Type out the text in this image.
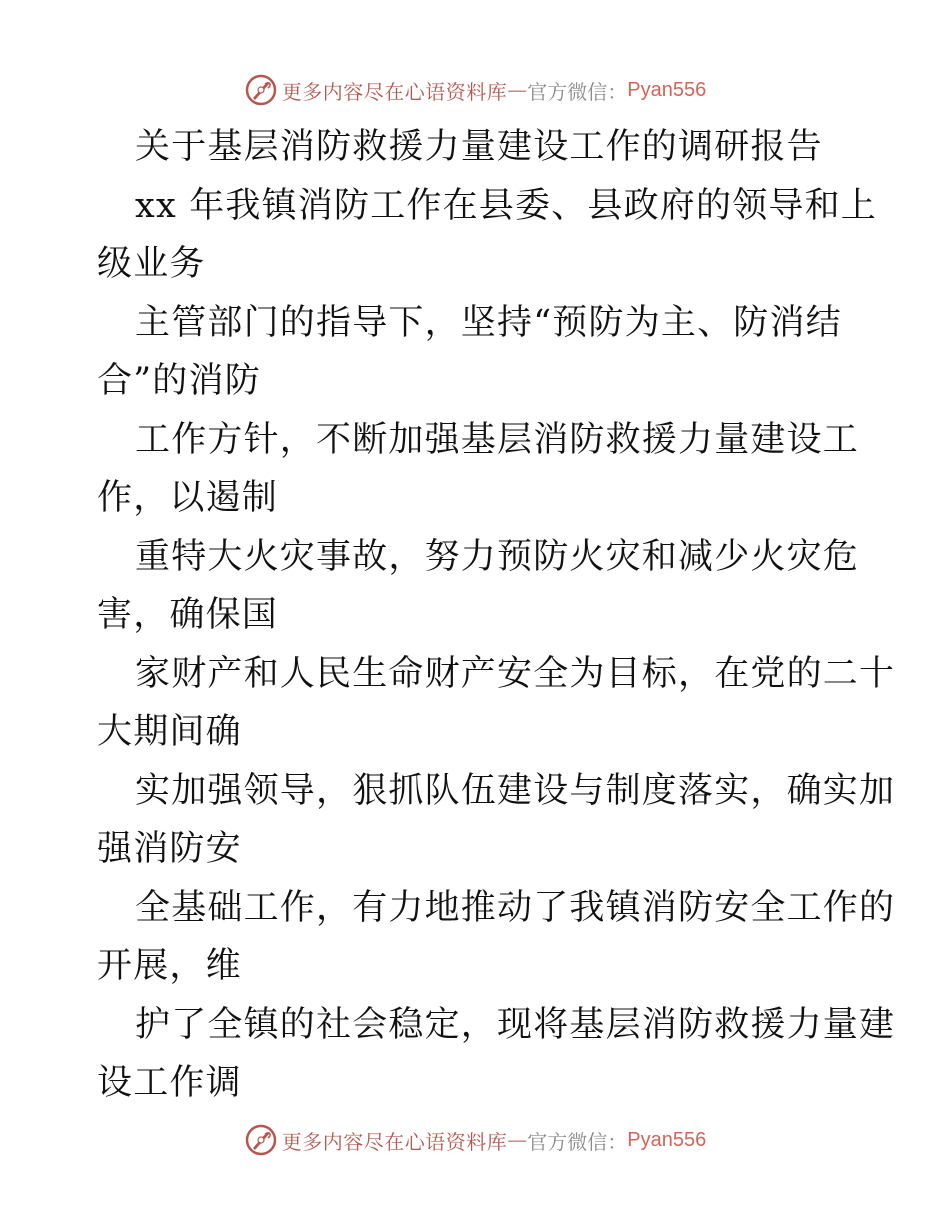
更多内容尽在心语资料库 — 官方微信： Pyan556
关于基层消防救援力量建设工作的调研报告
xx 年我镇消防工作在县委、县政府的领导和上
级业务
主管部门的指导下，坚持“预防为主、防消结
合”的消防
工作方针，不断加强基层消防救援力量建设工
作，以遏制
重特大火灾事故，努力预防火灾和减少火灾危
害，确保国
家财产和人民生命财产安全为目标，在党的二十
大期间确
实加强领导，狠抓队伍建设与制度落实，确实加
强消防安
全基础工作，有力地推动了我镇消防安全工作的
开展，维
护了全镇的社会稳定，现将基层消防救援力量建
设工作调
更多内容尽在心语资料库 — 官方微信： Pyan556
